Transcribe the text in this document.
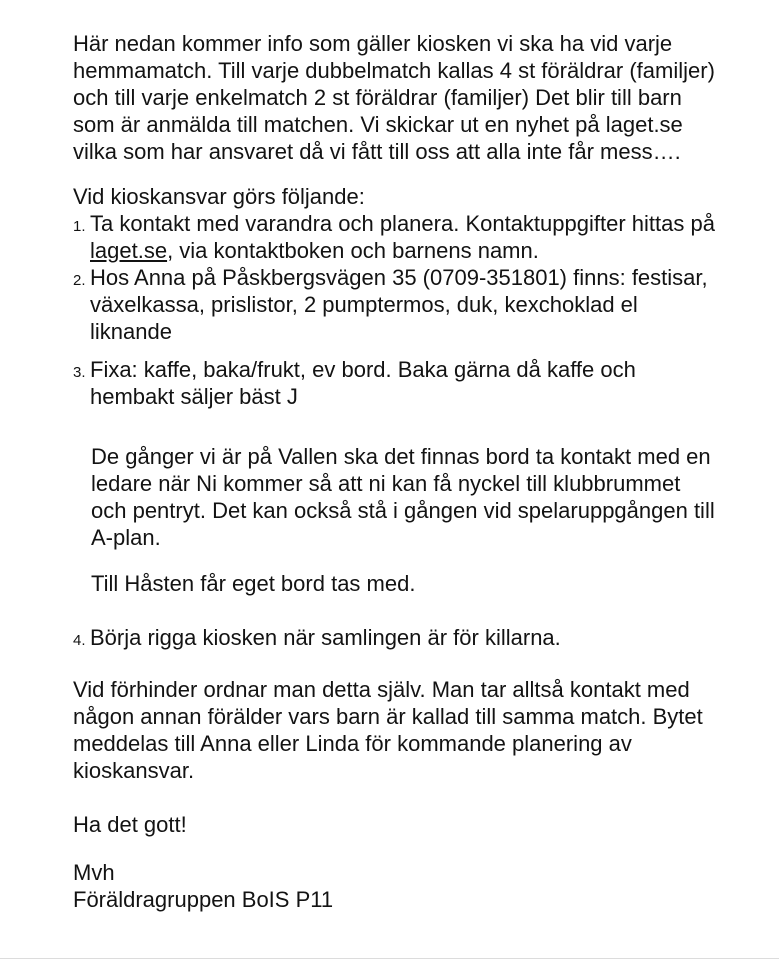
Här nedan kommer info som gäller kiosken vi ska ha vid varje hemmamatch. Till varje dubbelmatch kallas 4 st föräldrar (familjer) och till varje enkelmatch 2 st föräldrar (familjer) Det blir till barn som är anmälda till matchen. Vi skickar ut en nyhet på laget.se vilka som har ansvaret då vi fått till oss att alla inte får mess….

Vid kioskansvar görs följande:

1. Ta kontakt med varandra och planera. Kontaktuppgifter hittas på laget.se, via kontaktboken och barnens namn.
2. Hos Anna på Påskbergsvägen 35 (0709-351801) finns: festisar, växelkassa, prislistor, 2 pumptermos, duk, kexchoklad el liknande
3. Fixa: kaffe, baka/frukt, ev bord. Baka gärna då kaffe och hembakt säljer bäst J

De gånger vi är på Vallen ska det finnas bord ta kontakt med en ledare när Ni kommer så att ni kan få nyckel till klubbrummet och pentryt. Det kan också stå i gången vid spelaruppgången till A-plan.

Till Håsten får eget bord tas med.

4. Börja rigga kiosken när samlingen är för killarna.

Vid förhinder ordnar man detta själv. Man tar alltså kontakt med någon annan förälder vars barn är kallad till samma match. Bytet meddelas till Anna eller Linda för kommande planering av kioskansvar.

Ha det gott!

Mvh

Föräldragruppen BoIS P11
